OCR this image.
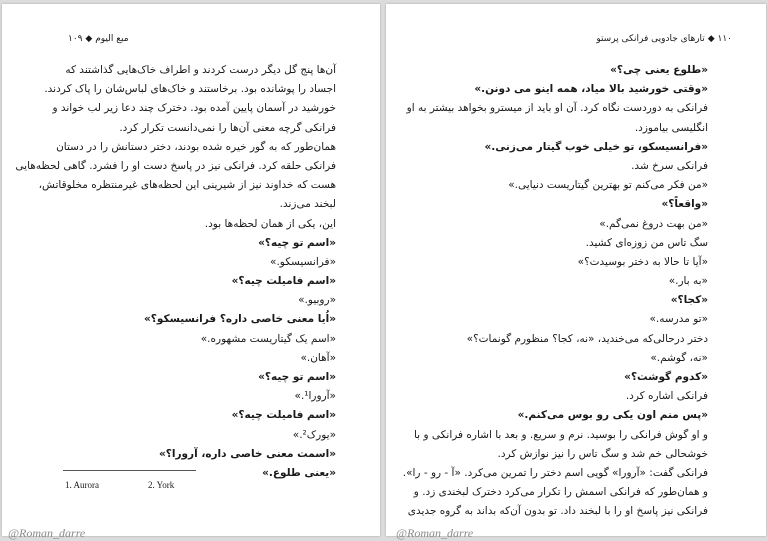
مبع اليوم ◆ ۱۰۹
آن‌ها پنج گل دیگر درست کردند و اطراف خاک‌هایی گذاشتند که
اجساد را پوشانده بود. برخاستند و خاک‌های لباس‌شان را پاک کردند.
خورشید در آسمان پایین آمده بود. دخترک چند دعا زیر لب خواند و
فرانکی گرچه معنی آن‌ها را نمی‌دانست تکرار کرد.
همان‌طور که به گور خیره شده بودند، دختر دستانش را در دستان
فرانکی حلقه کرد. فرانکی نیز در پاسخ دست او را فشرد. گاهی لحظه‌هایی
هست که خداوند نیز از شیرینی این لحظه‌های غیرمنتظره مخلوقاتش،
لبخند می‌زند.
این، یکی از همان لحظه‌ها بود.
«اسم تو چیه؟»
«فرانسیسکو.»
«اسم فامیلت چیه؟»
«روبیو.»
«اُیا معنی خاصی داره؟ فرانسیسکو؟»
«اسم یک گیتاریست مشهوره.»
«آهان.»
«اسم تو چیه؟»
«آرورا¹.»
«اسم فامیلت چیه؟»
«یورک².»
«اسمت معنی خاصی داره، آرورا؟»
«یعنی طلوع.»
1. Aurora	2. York
@Roman_darre
۱۱۰ ◆ تارهای جادویی فرانکی پرستو
«طلوع یعنی چی؟»
«وقتی خورشید بالا میاد، همه اینو می دونن.»
فرانکی به دوردست نگاه کرد. آن او باید از میسترو بخواهد بیشتر به او
انگلیسی بیاموزد.
«فرانسیسکو، تو خیلی خوب گیتار می‌زنی.»
فرانکی سرخ شد.
«من فکر می‌کنم تو بهترین گیتاریست دنیایی.»
«واقعاً؟»
«من بهت دروغ نمی‌گم.»
سگ تاس من زوزه‌ای کشید.
«آیا تا حالا به دختر بوسیدت؟»
«به بار.»
«کجا؟»
«تو مدرسه.»
دختر در‌حالی‌که می‌خندید، «نه، کجا؟ منظورم گونمات؟»
«نه، گوشم.»
«کدوم گوشت؟»
فرانکی اشاره کرد.
«پس منم اون یکی رو بوس می‌کنم.»
و او گوش فرانکی را بوسید. نرم و سریع. و بعد با اشاره فرانکی و با
خوشحالی خم شد و سگ تاس را نیز نوازش کرد.
فرانکی گفت: «آرورا» گویی اسم دختر را تمرین می‌کرد. «آ - رو - را».
و همان‌طور که فرانکی اسمش را تکرار می‌کرد دخترک لبخندی زد. و
فرانکی نیز پاسخ او را با لبخند داد. تو بدون آن‌که بداند به گروه جدیدی
@Roman_darre
